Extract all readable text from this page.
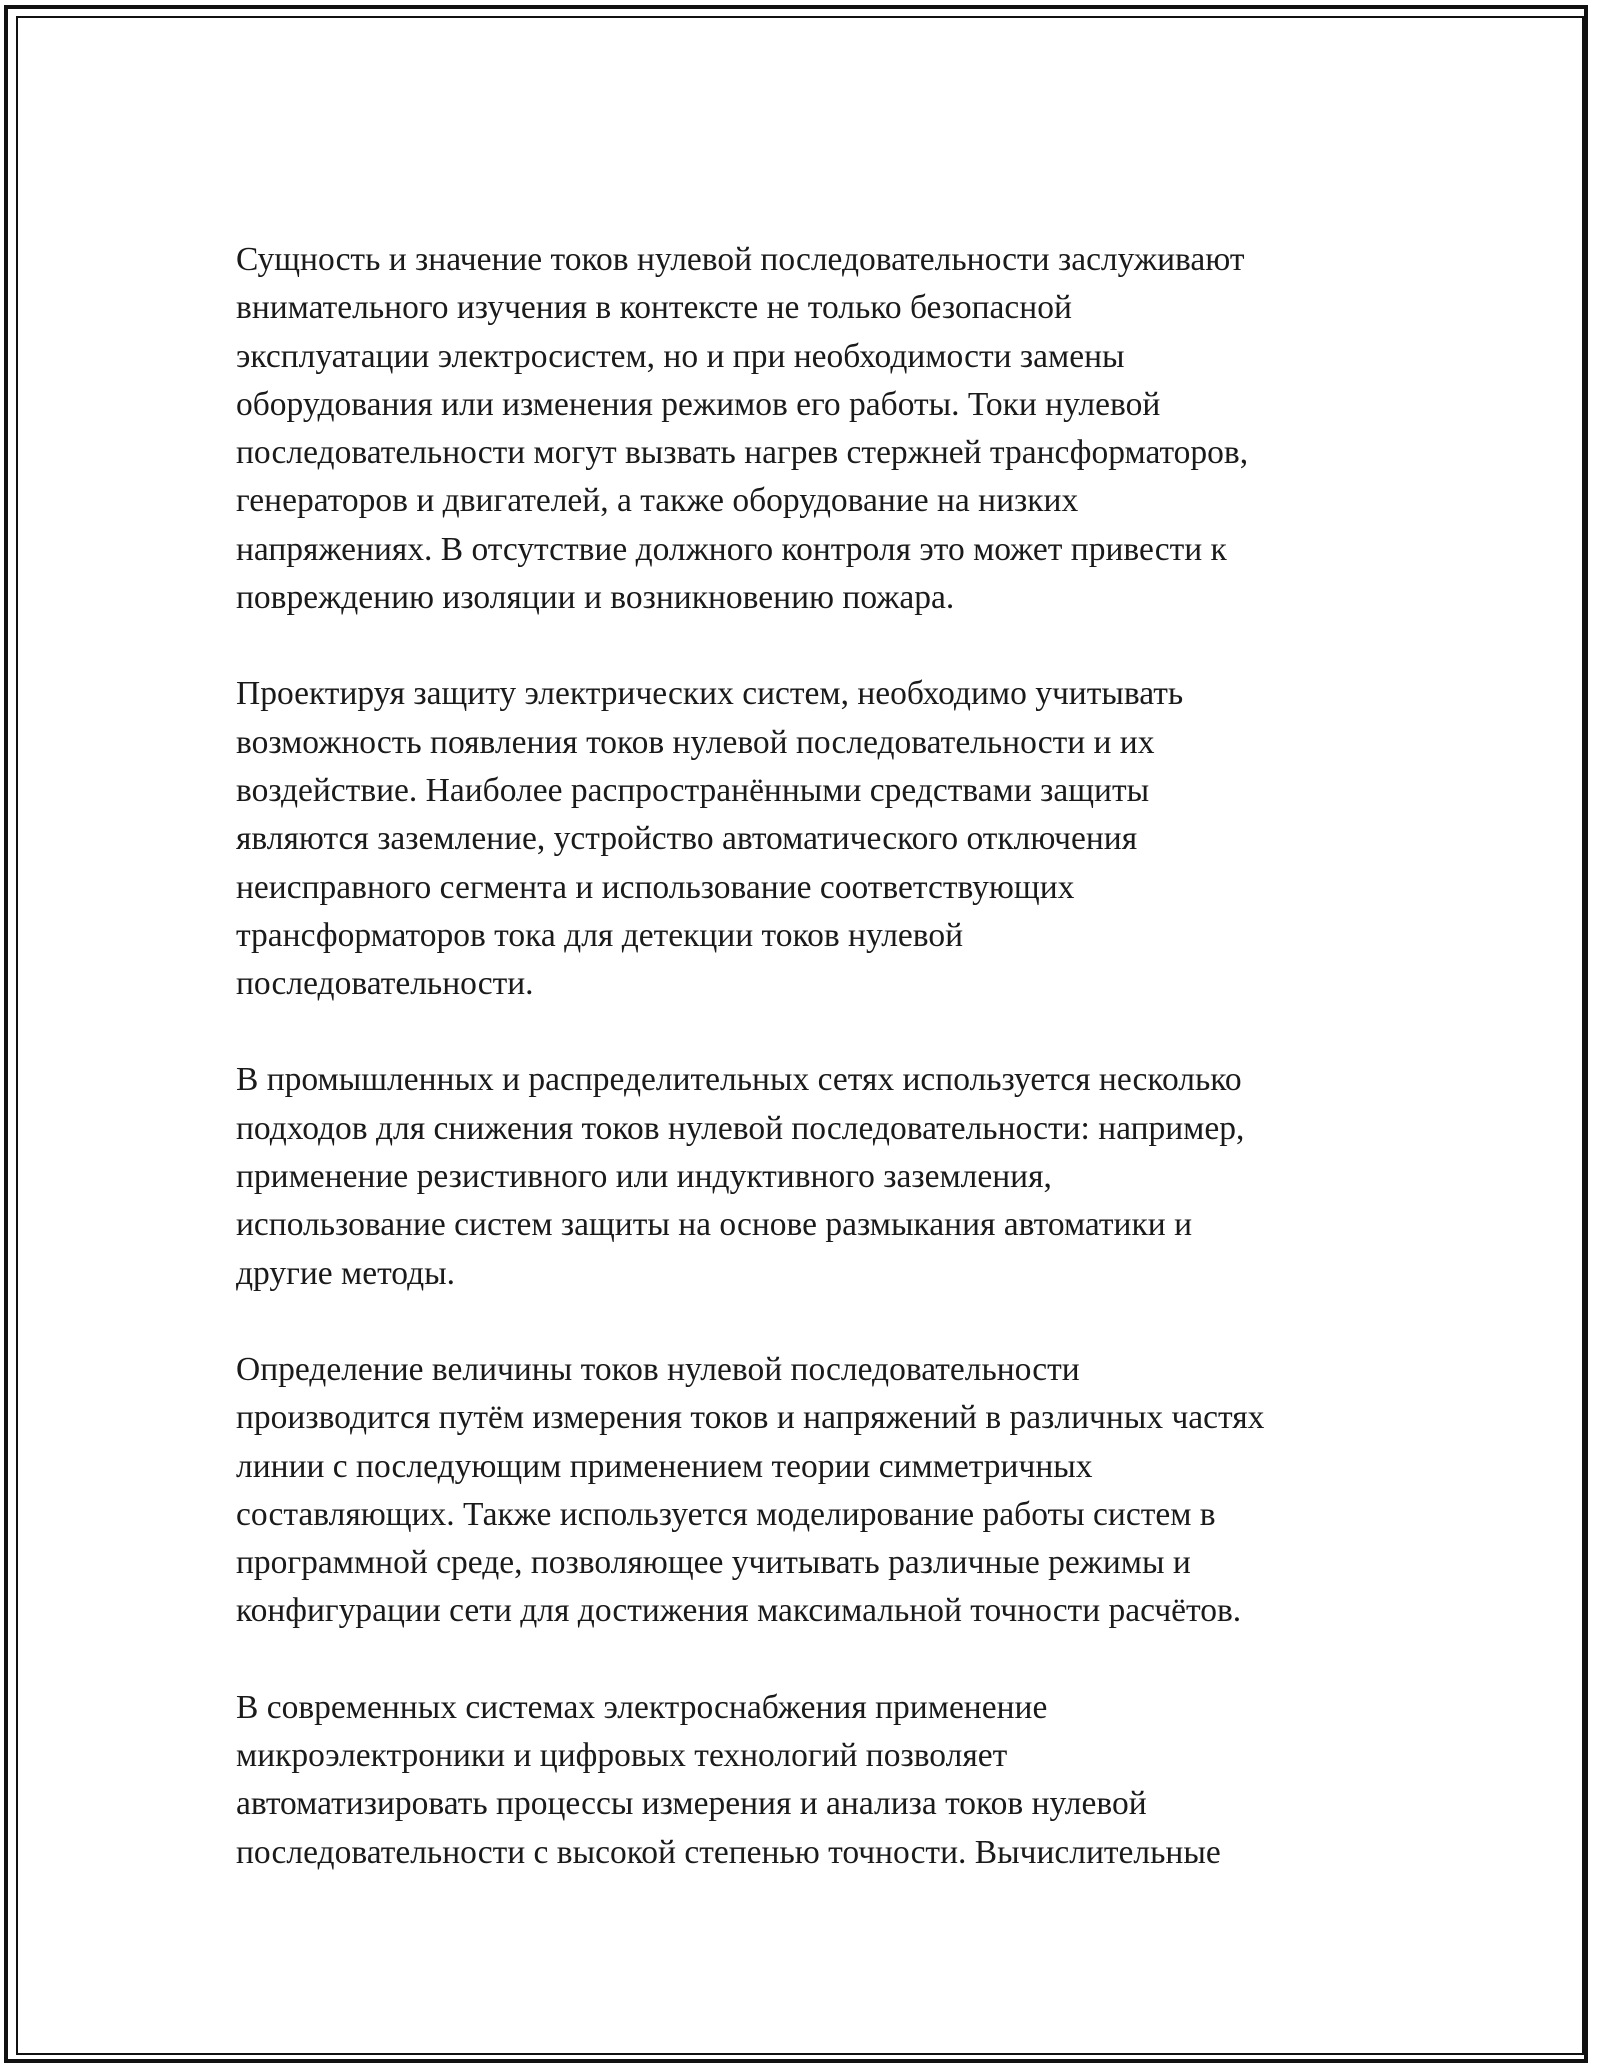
Сущность и значение токов нулевой последовательности заслуживают
внимательного изучения в контексте не только безопасной
эксплуатации электросистем, но и при необходимости замены
оборудования или изменения режимов его работы. Токи нулевой
последовательности могут вызвать нагрев стержней трансформаторов,
генераторов и двигателей, а также оборудование на низких
напряжениях. В отсутствие должного контроля это может привести к
повреждению изоляции и возникновению пожара.

Проектируя защиту электрических систем, необходимо учитывать
возможность появления токов нулевой последовательности и их
воздействие. Наиболее распространёнными средствами защиты
являются заземление, устройство автоматического отключения
неисправного сегмента и использование соответствующих
трансформаторов тока для детекции токов нулевой
последовательности.

В промышленных и распределительных сетях используется несколько
подходов для снижения токов нулевой последовательности: например,
применение резистивного или индуктивного заземления,
использование систем защиты на основе размыкания автоматики и
другие методы.

Определение величины токов нулевой последовательности
производится путём измерения токов и напряжений в различных частях
линии с последующим применением теории симметричных
составляющих. Также используется моделирование работы систем в
программной среде, позволяющее учитывать различные режимы и
конфигурации сети для достижения максимальной точности расчётов.

В современных системах электроснабжения применение
микроэлектроники и цифровых технологий позволяет
автоматизировать процессы измерения и анализа токов нулевой
последовательности с высокой степенью точности. Вычислительные
